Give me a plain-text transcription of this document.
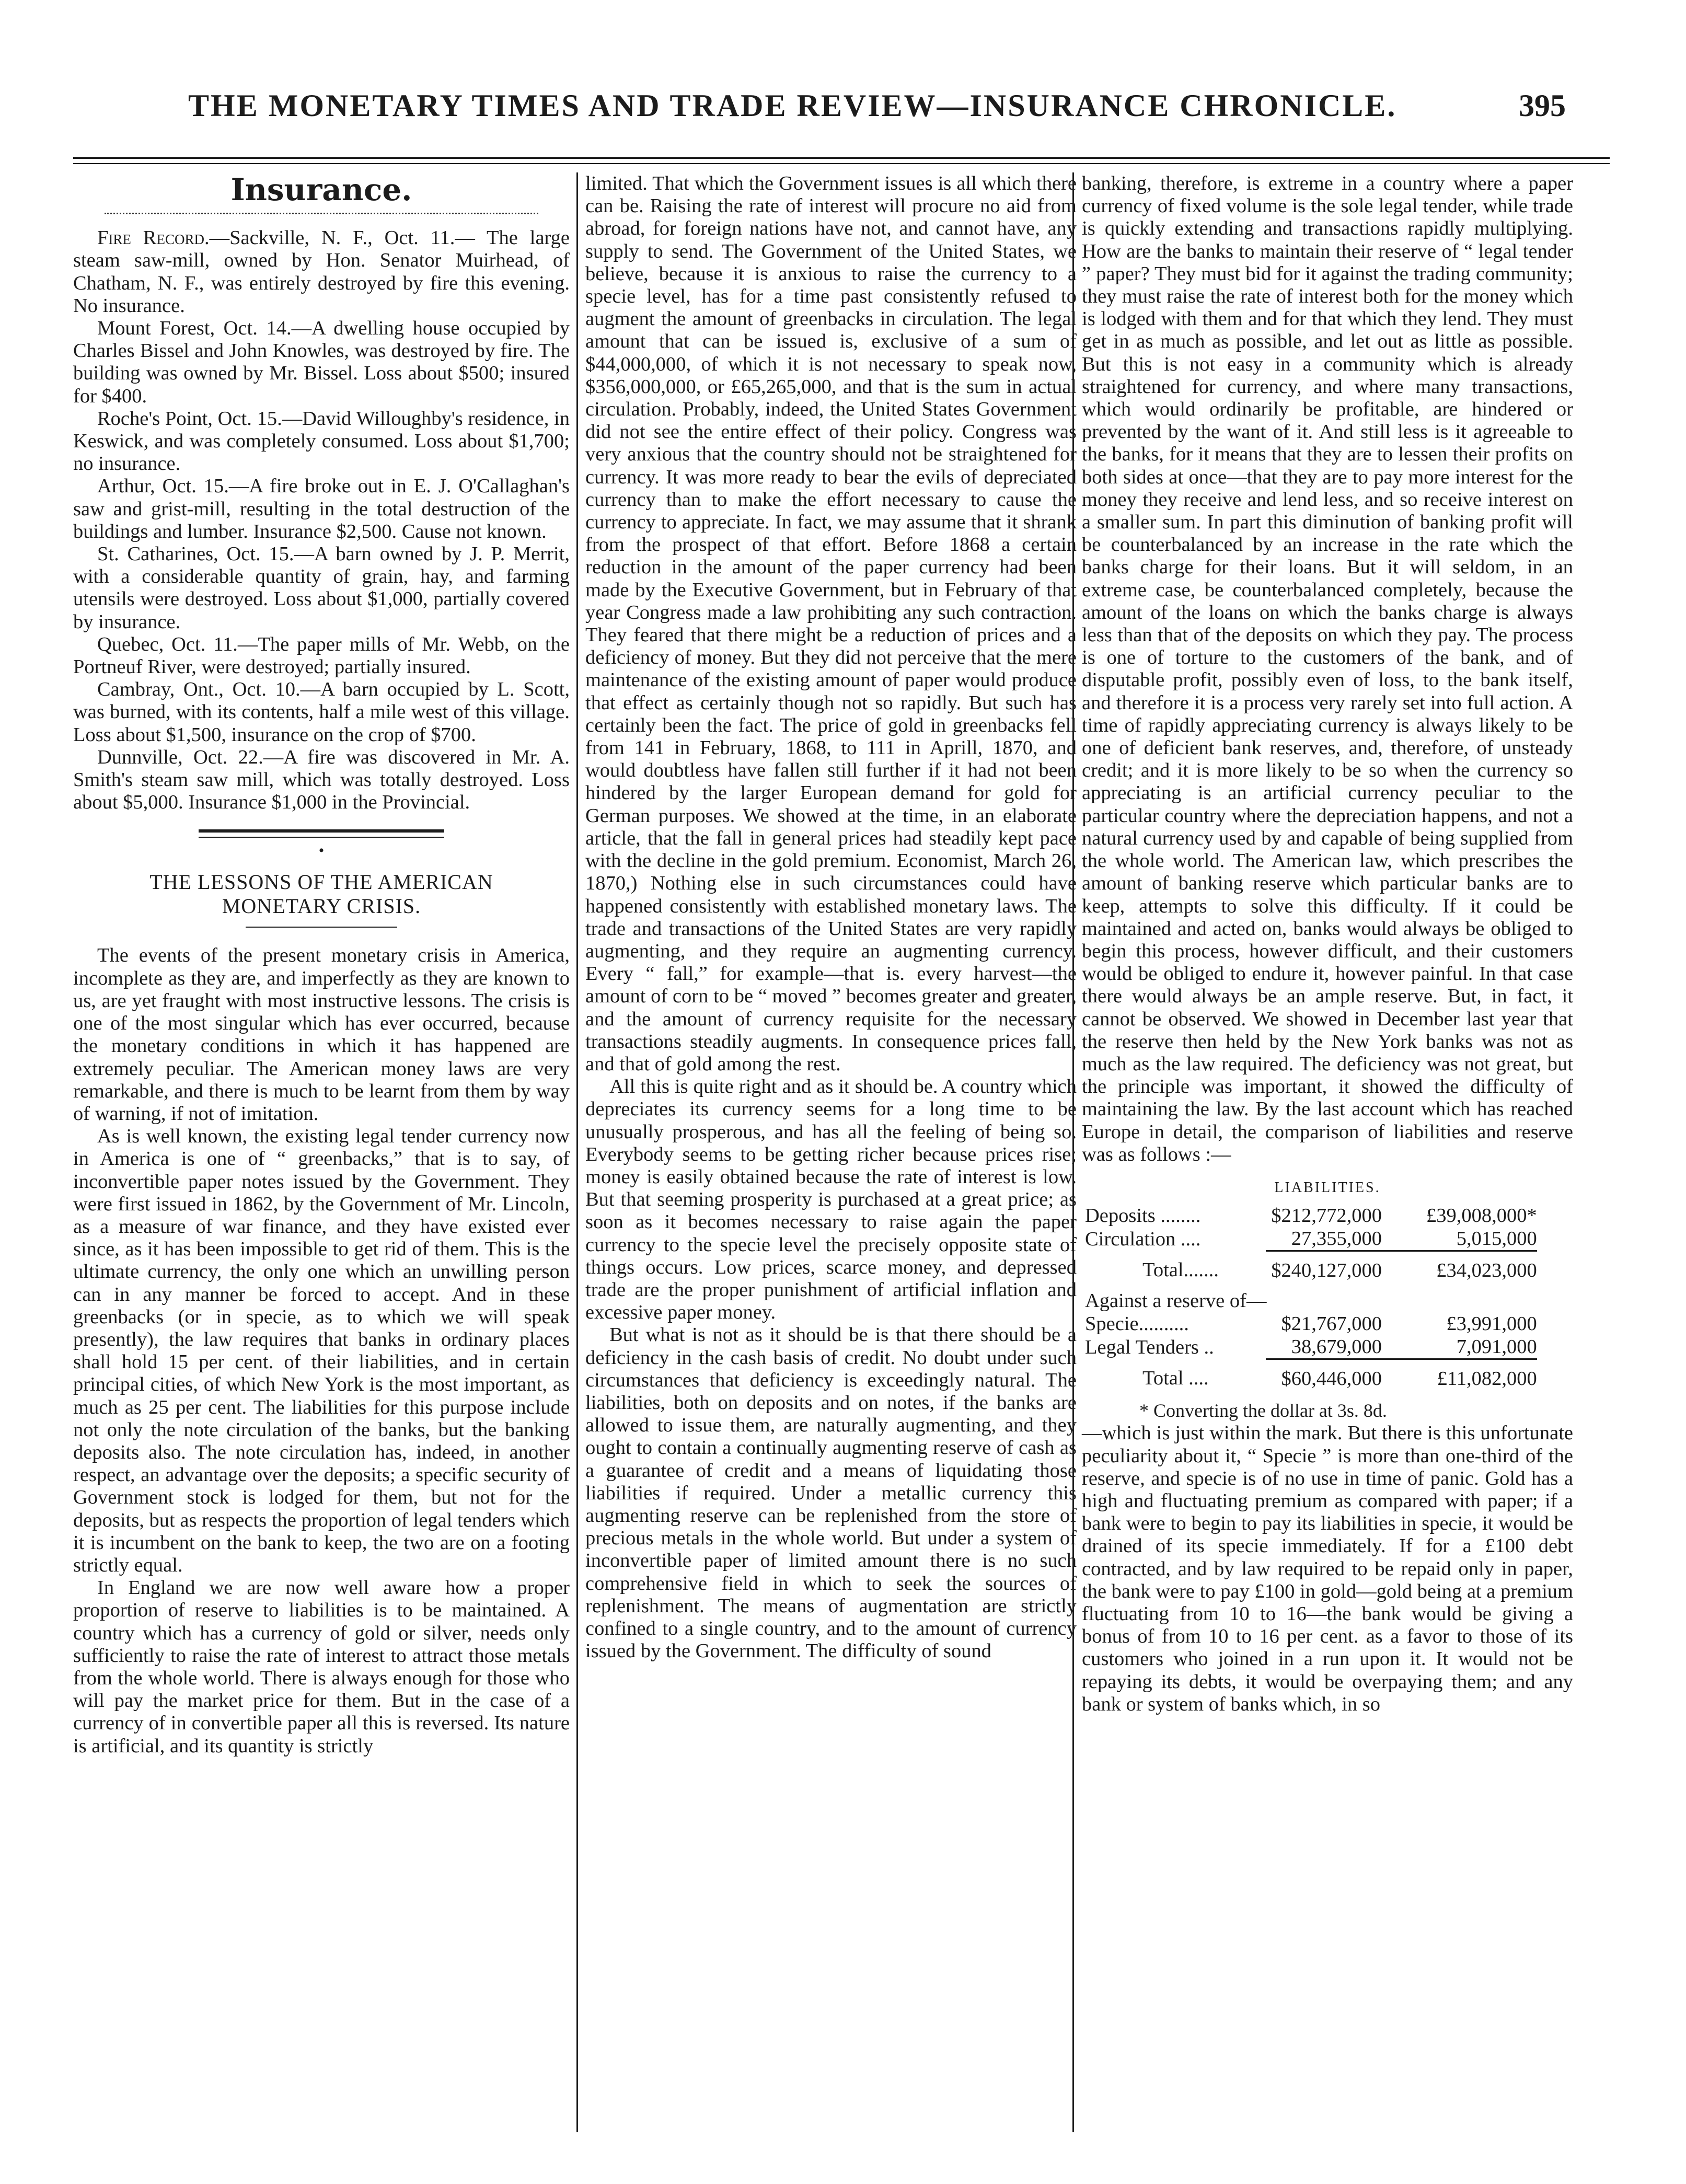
THE MONETARY TIMES AND TRADE REVIEW—INSURANCE CHRONICLE.	395
Insurance.

Fire Record.—Sackville, N. F., Oct. 11.— The large steam saw-mill, owned by Hon. Senator Muirhead, of Chatham, N. F., was entirely destroyed by fire this evening. No insurance.

Mount Forest, Oct. 14.—A dwelling house occupied by Charles Bissel and John Knowles, was destroyed by fire. The building was owned by Mr. Bissel. Loss about $500; insured for $400.

Roche's Point, Oct. 15.—David Willoughby's residence, in Keswick, and was completely consumed. Loss about $1,700; no insurance.

Arthur, Oct. 15.—A fire broke out in E. J. O'Callaghan's saw and grist-mill, resulting in the total destruction of the buildings and lumber. Insurance $2,500. Cause not known.

St. Catharines, Oct. 15.—A barn owned by J. P. Merrit, with a considerable quantity of grain, hay, and farming utensils were destroyed. Loss about $1,000, partially covered by insurance.

Quebec, Oct. 11.—The paper mills of Mr. Webb, on the Portneuf River, were destroyed; partially insured.

Cambray, Ont., Oct. 10.—A barn occupied by L. Scott, was burned, with its contents, half a mile west of this village. Loss about $1,500, insurance on the crop of $700.

Dunnville, Oct. 22.—A fire was discovered in Mr. A. Smith's steam saw mill, which was totally destroyed. Loss about $5,000. Insurance $1,000 in the Provincial.

•
THE LESSONS OF THE AMERICAN
MONETARY CRISIS.

The events of the present monetary crisis in America, incomplete as they are, and imperfectly as they are known to us, are yet fraught with most instructive lessons. The crisis is one of the most singular which has ever occurred, because the monetary conditions in which it has happened are extremely peculiar. The American money laws are very remarkable, and there is much to be learnt from them by way of warning, if not of imitation.

As is well known, the existing legal tender currency now in America is one of “ greenbacks,” that is to say, of inconvertible paper notes issued by the Government. They were first issued in 1862, by the Government of Mr. Lincoln, as a measure of war finance, and they have existed ever since, as it has been impossible to get rid of them. This is the ultimate currency, the only one which an unwilling person can in any manner be forced to accept. And in these greenbacks (or in specie, as to which we will speak presently), the law requires that banks in ordinary places shall hold 15 per cent. of their liabilities, and in certain principal cities, of which New York is the most important, as much as 25 per cent. The liabilities for this purpose include not only the note circulation of the banks, but the banking deposits also. The note circulation has, indeed, in another respect, an advantage over the deposits; a specific security of Government stock is lodged for them, but not for the deposits, but as respects the proportion of legal tenders which it is incumbent on the bank to keep, the two are on a footing strictly equal.

In England we are now well aware how a proper proportion of reserve to liabilities is to be maintained. A country which has a currency of gold or silver, needs only sufficiently to raise the rate of interest to attract those metals from the whole world. There is always enough for those who will pay the market price for them. But in the case of a currency of in convertible paper all this is reversed. Its nature is artificial, and its quantity is strictly

limited. That which the Government issues is all which there can be. Raising the rate of interest will procure no aid from abroad, for foreign nations have not, and cannot have, any supply to send. The Government of the United States, we believe, because it is anxious to raise the currency to a specie level, has for a time past consistently refused to augment the amount of greenbacks in circulation. The legal amount that can be issued is, exclusive of a sum of $44,000,000, of which it is not necessary to speak now, $356,000,000, or £65,265,000, and that is the sum in actual circulation. Probably, indeed, the United States Government did not see the entire effect of their policy. Congress was very anxious that the country should not be straightened for currency. It was more ready to bear the evils of depreciated currency than to make the effort necessary to cause the currency to appreciate. In fact, we may assume that it shrank from the prospect of that effort. Before 1868 a certain reduction in the amount of the paper currency had been made by the Executive Government, but in February of that year Congress made a law prohibiting any such contraction. They feared that there might be a reduction of prices and a deficiency of money. But they did not perceive that the mere maintenance of the existing amount of paper would produce that effect as certainly though not so rapidly. But such has certainly been the fact. The price of gold in greenbacks fell from 141 in February, 1868, to 111 in Aprill, 1870, and would doubtless have fallen still further if it had not been hindered by the larger European demand for gold for German purposes. We showed at the time, in an elaborate article, that the fall in general prices had steadily kept pace with the decline in the gold premium. Economist, March 26, 1870,) Nothing else in such circumstances could have happened consistently with established monetary laws. The trade and transactions of the United States are very rapidly augmenting, and they require an augmenting currency. Every “ fall,” for example—that is. every harvest—the amount of corn to be “ moved ” becomes greater and greater, and the amount of currency requisite for the necessary transactions steadily augments. In consequence prices fall, and that of gold among the rest.

All this is quite right and as it should be. A country which depreciates its currency seems for a long time to be unusually prosperous, and has all the feeling of being so. Everybody seems to be getting richer because prices rise; money is easily obtained because the rate of interest is low. But that seeming prosperity is purchased at a great price; as soon as it becomes necessary to raise again the paper currency to the specie level the precisely opposite state of things occurs. Low prices, scarce money, and depressed trade are the proper punishment of artificial inflation and excessive paper money.

But what is not as it should be is that there should be a deficiency in the cash basis of credit. No doubt under such circumstances that deficiency is exceedingly natural. The liabilities, both on deposits and on notes, if the banks are allowed to issue them, are naturally augmenting, and they ought to contain a continually augmenting reserve of cash as a guarantee of credit and a means of liquidating those liabilities if required. Under a metallic currency this augmenting reserve can be replenished from the store of precious metals in the whole world. But under a system of inconvertible paper of limited amount there is no such comprehensive field in which to seek the sources of replenishment. The means of augmentation are strictly confined to a single country, and to the amount of currency issued by the Government. The difficulty of sound

banking, therefore, is extreme in a country where a paper currency of fixed volume is the sole legal tender, while trade is quickly extending and transactions rapidly multiplying. How are the banks to maintain their reserve of “ legal tender ” paper? They must bid for it against the trading community; they must raise the rate of interest both for the money which is lodged with them and for that which they lend. They must get in as much as possible, and let out as little as possible. But this is not easy in a community which is already straightened for currency, and where many transactions, which would ordinarily be profitable, are hindered or prevented by the want of it. And still less is it agreeable to the banks, for it means that they are to lessen their profits on both sides at once—that they are to pay more interest for the money they receive and lend less, and so receive interest on a smaller sum. In part this diminution of banking profit will be counterbalanced by an increase in the rate which the banks charge for their loans. But it will seldom, in an extreme case, be counterbalanced completely, because the amount of the loans on which the banks charge is always less than that of the deposits on which they pay. The process is one of torture to the customers of the bank, and of disputable profit, possibly even of loss, to the bank itself, and therefore it is a process very rarely set into full action. A time of rapidly appreciating currency is always likely to be one of deficient bank reserves, and, therefore, of unsteady credit; and it is more likely to be so when the currency so appreciating is an artificial currency peculiar to the particular country where the depreciation happens, and not a natural currency used by and capable of being supplied from the whole world. The American law, which prescribes the amount of banking reserve which particular banks are to keep, attempts to solve this difficulty. If it could be maintained and acted on, banks would always be obliged to begin this process, however difficult, and their customers would be obliged to endure it, however painful. In that case there would always be an ample reserve. But, in fact, it cannot be observed. We showed in December last year that the reserve then held by the New York banks was not as much as the law required. The deficiency was not great, but the principle was important, it showed the difficulty of maintaining the law. By the last account which has reached Europe in detail, the comparison of liabilities and reserve was as follows :—

LIABILITIES.
Deposits ........	$212,772,000	£39,008,000*
Circulation ....	27,355,000	5,015,000
Total.......	$240,127,000	£34,023,000
Against a reserve of—		
Specie..........	$21,767,000	£3,991,000
Legal Tenders ..	38,679,000	7,091,000
Total ....	$60,446,000	£11,082,000
* Converting the dollar at 3s. 8d.

—which is just within the mark. But there is this unfortunate peculiarity about it, “ Specie ” is more than one-third of the reserve, and specie is of no use in time of panic. Gold has a high and fluctuating premium as compared with paper; if a bank were to begin to pay its liabilities in specie, it would be drained of its specie immediately. If for a £100 debt contracted, and by law required to be repaid only in paper, the bank were to pay £100 in gold—gold being at a premium fluctuating from 10 to 16—the bank would be giving a bonus of from 10 to 16 per cent. as a favor to those of its customers who joined in a run upon it. It would not be repaying its debts, it would be overpaying them; and any bank or system of banks which, in so
